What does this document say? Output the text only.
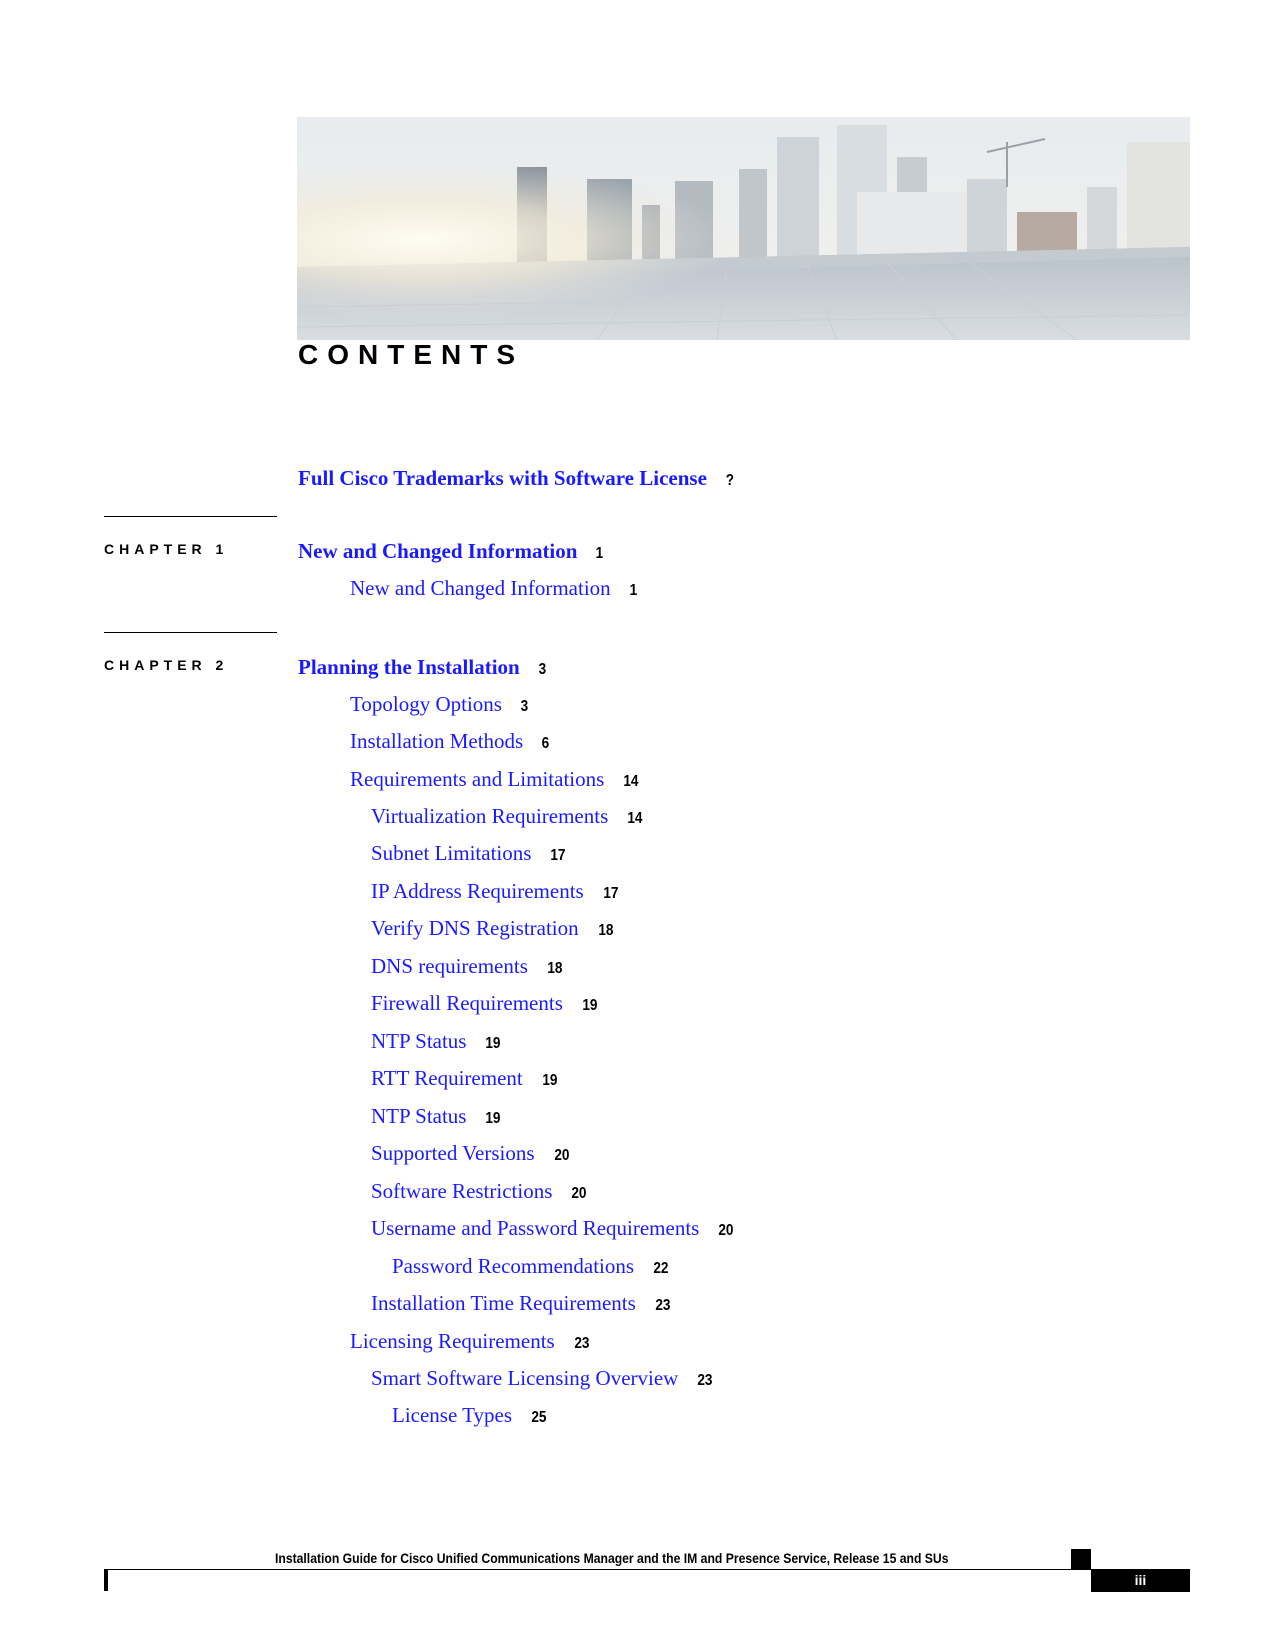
CONTENTS
Full Cisco Trademarks with Software License ?
CHAPTER 1	New and Changed Information 1
New and Changed Information 1
CHAPTER 2	Planning the Installation 3
Topology Options 3
Installation Methods 6
Requirements and Limitations 14
Virtualization Requirements 14
Subnet Limitations 17
IP Address Requirements 17
Verify DNS Registration 18
DNS requirements 18
Firewall Requirements 19
NTP Status 19
RTT Requirement 19
NTP Status 19
Supported Versions 20
Software Restrictions 20
Username and Password Requirements 20
Password Recommendations 22
Installation Time Requirements 23
Licensing Requirements 23
Smart Software Licensing Overview 23
License Types 25
Installation Guide for Cisco Unified Communications Manager and the IM and Presence Service, Release 15 and SUs
iii
